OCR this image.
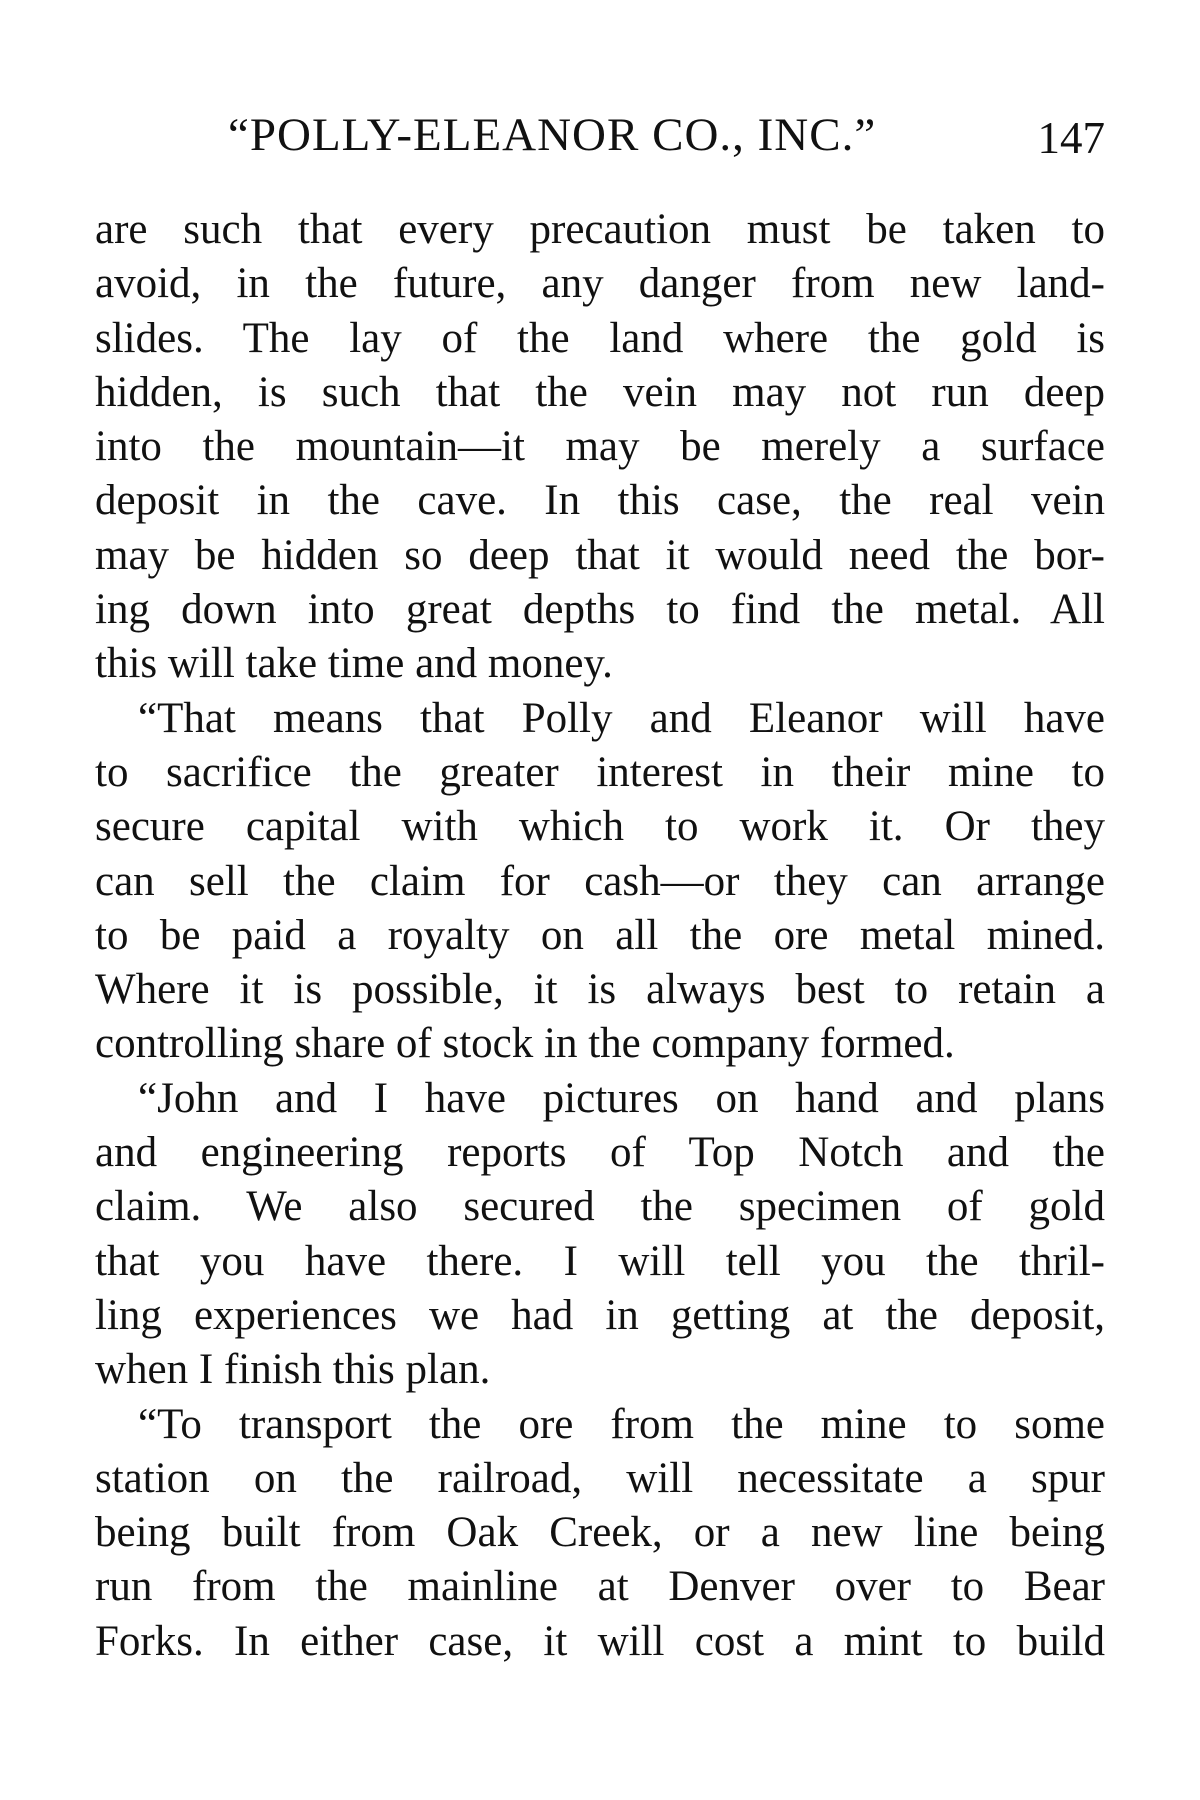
“POLLY-ELEANOR CO., INC.”	147
are such that every precaution must be taken to
avoid, in the future, any danger from new land-
slides. The lay of the land where the gold is
hidden, is such that the vein may not run deep
into the mountain—it may be merely a surface
deposit in the cave. In this case, the real vein
may be hidden so deep that it would need the bor-
ing down into great depths to find the metal. All
this will take time and money.
“That means that Polly and Eleanor will have
to sacrifice the greater interest in their mine to
secure capital with which to work it. Or they
can sell the claim for cash—or they can arrange
to be paid a royalty on all the ore metal mined.
Where it is possible, it is always best to retain a
controlling share of stock in the company formed.
“John and I have pictures on hand and plans
and engineering reports of Top Notch and the
claim. We also secured the specimen of gold
that you have there. I will tell you the thril-
ling experiences we had in getting at the deposit,
when I finish this plan.
“To transport the ore from the mine to some
station on the railroad, will necessitate a spur
being built from Oak Creek, or a new line being
run from the mainline at Denver over to Bear
Forks. In either case, it will cost a mint to build
